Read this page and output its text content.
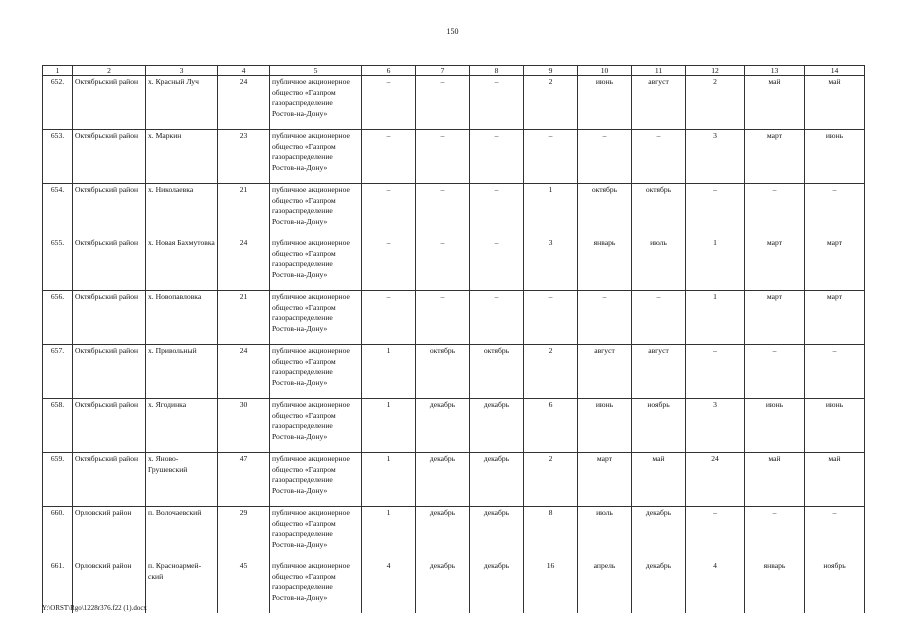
150
1	2	3	4	5	6	7	8	9	10	11	12	13	14
652.	Октябрьский район	х. Красный Луч	24	публичное акционерное общество «Газпром газораспределение Ростов-на-Дону»	–	–	–	2	июнь	август	2	май	май
653.	Октябрьский район	х. Маркин	23	публичное акционерное общество «Газпром газораспределение Ростов-на-Дону»	–	–	–	–	–	–	3	март	июнь
654.	Октябрьский район	х. Николаевка	21	публичное акционерное общество «Газпром газораспределение Ростов-на-Дону»	–	–	–	1	октябрь	октябрь	–	–	–
655.	Октябрьский район	х. Новая Бахмутовка	24	публичное акционерное общество «Газпром газораспределение Ростов-на-Дону»	–	–	–	3	январь	июль	1	март	март
656.	Октябрьский район	х. Новопавловка	21	публичное акционерное общество «Газпром газораспределение Ростов-на-Дону»	–	–	–	–	–	–	1	март	март
657.	Октябрьский район	х. Привольный	24	публичное акционерное общество «Газпром газораспределение Ростов-на-Дону»	1	октябрь	октябрь	2	август	август	–	–	–
658.	Октябрьский район	х. Ягодинка	30	публичное акционерное общество «Газпром газораспределение Ростов-на-Дону»	1	декабрь	декабрь	6	июнь	ноябрь	3	июнь	июнь
659.	Октябрьский район	х. Яново-Грушевский	47	публичное акционерное общество «Газпром газораспределение Ростов-на-Дону»	1	декабрь	декабрь	2	март	май	24	май	май
660.	Орловский район	п. Волочаевский	29	публичное акционерное общество «Газпром газораспределение Ростов-на-Дону»	1	декабрь	декабрь	8	июль	декабрь	–	–	–
661.	Орловский район	п. Красноармей-ский	45	публичное акционерное общество «Газпром газораспределение Ростов-на-Дону»	4	декабрь	декабрь	16	апрель	декабрь	4	январь	ноябрь
Y:\ORST\Rgo\1228r376.f22 (1).docx
